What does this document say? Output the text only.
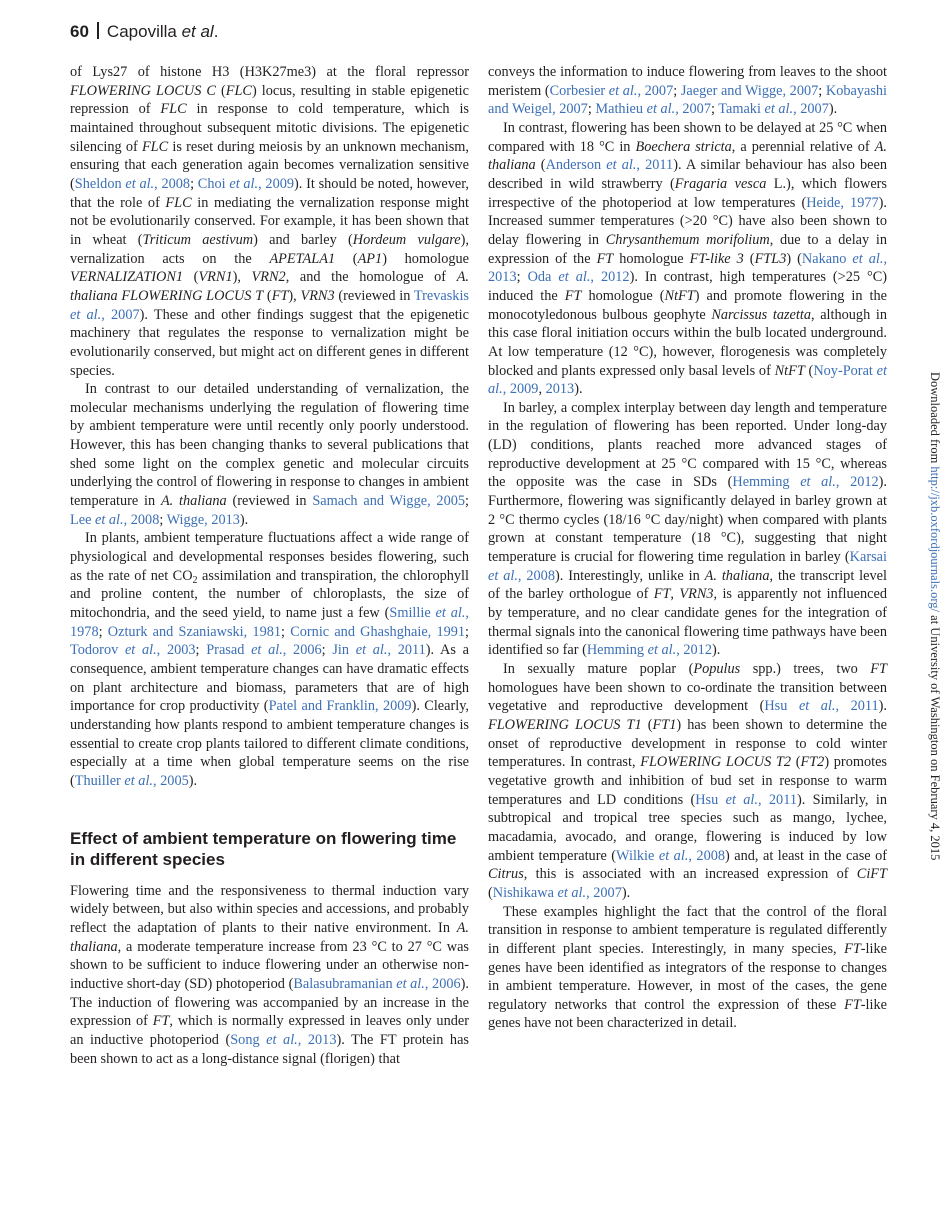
60 Capovilla et al.

of Lys27 of histone H3 (H3K27me3) at the floral repressor FLOWERING LOCUS C (FLC) locus, resulting in stable epigenetic repression of FLC in response to cold temperature, which is maintained throughout subsequent mitotic divisions. The epigenetic silencing of FLC is reset during meiosis by an unknown mechanism, ensuring that each generation again becomes vernalization sensitive (Sheldon et al., 2008; Choi et al., 2009). It should be noted, however, that the role of FLC in mediating the vernalization response might not be evolutionarily conserved. For example, it has been shown that in wheat (Triticum aestivum) and barley (Hordeum vulgare), vernalization acts on the APETALA1 (AP1) homologue VERNALIZATION1 (VRN1), VRN2, and the homologue of A. thaliana FLOWERING LOCUS T (FT), VRN3 (reviewed in Trevaskis et al., 2007). These and other findings suggest that the epigenetic machinery that regulates the response to vernalization might be evolutionarily conserved, but might act on different genes in different species.

In contrast to our detailed understanding of vernalization, the molecular mechanisms underlying the regulation of flowering time by ambient temperature were until recently only poorly understood. However, this has been changing thanks to several publications that shed some light on the complex genetic and molecular circuits underlying the control of flowering in response to changes in ambient temperature in A. thaliana (reviewed in Samach and Wigge, 2005; Lee et al., 2008; Wigge, 2013).

In plants, ambient temperature fluctuations affect a wide range of physiological and developmental responses besides flowering, such as the rate of net $CO_2$ assimilation and transpiration, the chlorophyll and proline content, the number of chloroplasts, the size of mitochondria, and the seed yield, to name just a few (Smillie et al., 1978; Ozturk and Szaniawski, 1981; Cornic and Ghashghaie, 1991; Todorov et al., 2003; Prasad et al., 2006; Jin et al., 2011). As a consequence, ambient temperature changes can have dramatic effects on plant architecture and biomass, parameters that are of high importance for crop productivity (Patel and Franklin, 2009). Clearly, understanding how plants respond to ambient temperature changes is essential to create crop plants tailored to different climate conditions, especially at a time when global temperature seems on the rise (Thuiller et al., 2005).

Effect of ambient temperature on flowering time in different species

Flowering time and the responsiveness to thermal induction vary widely between, but also within species and accessions, and probably reflect the adaptation of plants to their native environment. In A. thaliana, a moderate temperature increase from 23 °C to 27 °C was shown to be sufficient to induce flowering under an otherwise non-inductive short-day (SD) photoperiod (Balasubramanian et al., 2006). The induction of flowering was accompanied by an increase in the expression of FT, which is normally expressed in leaves only under an inductive photoperiod (Song et al., 2013). The FT protein has been shown to act as a long-distance signal (florigen) that

conveys the information to induce flowering from leaves to the shoot meristem (Corbesier et al., 2007; Jaeger and Wigge, 2007; Kobayashi and Weigel, 2007; Mathieu et al., 2007; Tamaki et al., 2007).

In contrast, flowering has been shown to be delayed at 25 °C when compared with 18 °C in Boechera stricta, a perennial relative of A. thaliana (Anderson et al., 2011). A similar behaviour has also been described in wild strawberry (Fragaria vesca L.), which flowers irrespective of the photoperiod at low temperatures (Heide, 1977). Increased summer temperatures (>20 °C) have also been shown to delay flowering in Chrysanthemum morifolium, due to a delay in expression of the FT homologue FT-like 3 (FTL3) (Nakano et al., 2013; Oda et al., 2012). In contrast, high temperatures (>25 °C) induced the FT homologue (NtFT) and promote flowering in the monocotyledonous bulbous geophyte Narcissus tazetta, although in this case floral initiation occurs within the bulb located underground. At low temperature (12 °C), however, florogenesis was completely blocked and plants expressed only basal levels of NtFT (Noy-Porat et al., 2009, 2013).

In barley, a complex interplay between day length and temperature in the regulation of flowering has been reported. Under long-day (LD) conditions, plants reached more advanced stages of reproductive development at 25 °C compared with 15 °C, whereas the opposite was the case in SDs (Hemming et al., 2012). Furthermore, flowering was significantly delayed in barley grown at 2 °C thermo cycles (18/16 °C day/night) when compared with plants grown at constant temperature (18 °C), suggesting that night temperature is crucial for flowering time regulation in barley (Karsai et al., 2008). Interestingly, unlike in A. thaliana, the transcript level of the barley orthologue of FT, VRN3, is apparently not influenced by temperature, and no clear candidate genes for the integration of thermal signals into the canonical flowering time pathways have been identified so far (Hemming et al., 2012).

In sexually mature poplar (Populus spp.) trees, two FT homologues have been shown to co-ordinate the transition between vegetative and reproductive development (Hsu et al., 2011). FLOWERING LOCUS T1 (FT1) has been shown to determine the onset of reproductive development in response to cold winter temperatures. In contrast, FLOWERING LOCUS T2 (FT2) promotes vegetative growth and inhibition of bud set in response to warm temperatures and LD conditions (Hsu et al., 2011). Similarly, in subtropical and tropical tree species such as mango, lychee, macadamia, avocado, and orange, flowering is induced by low ambient temperature (Wilkie et al., 2008) and, at least in the case of Citrus, this is associated with an increased expression of CiFT (Nishikawa et al., 2007).

These examples highlight the fact that the control of the floral transition in response to ambient temperature is regulated differently in different plant species. Interestingly, in many species, FT-like genes have been identified as integrators of the response to changes in ambient temperature. However, in most of the cases, the gene regulatory networks that control the expression of these FT-like genes have not been characterized in detail.

Downloaded from http://jxb.oxfordjournals.org/ at University of Washington on February 4, 2015
